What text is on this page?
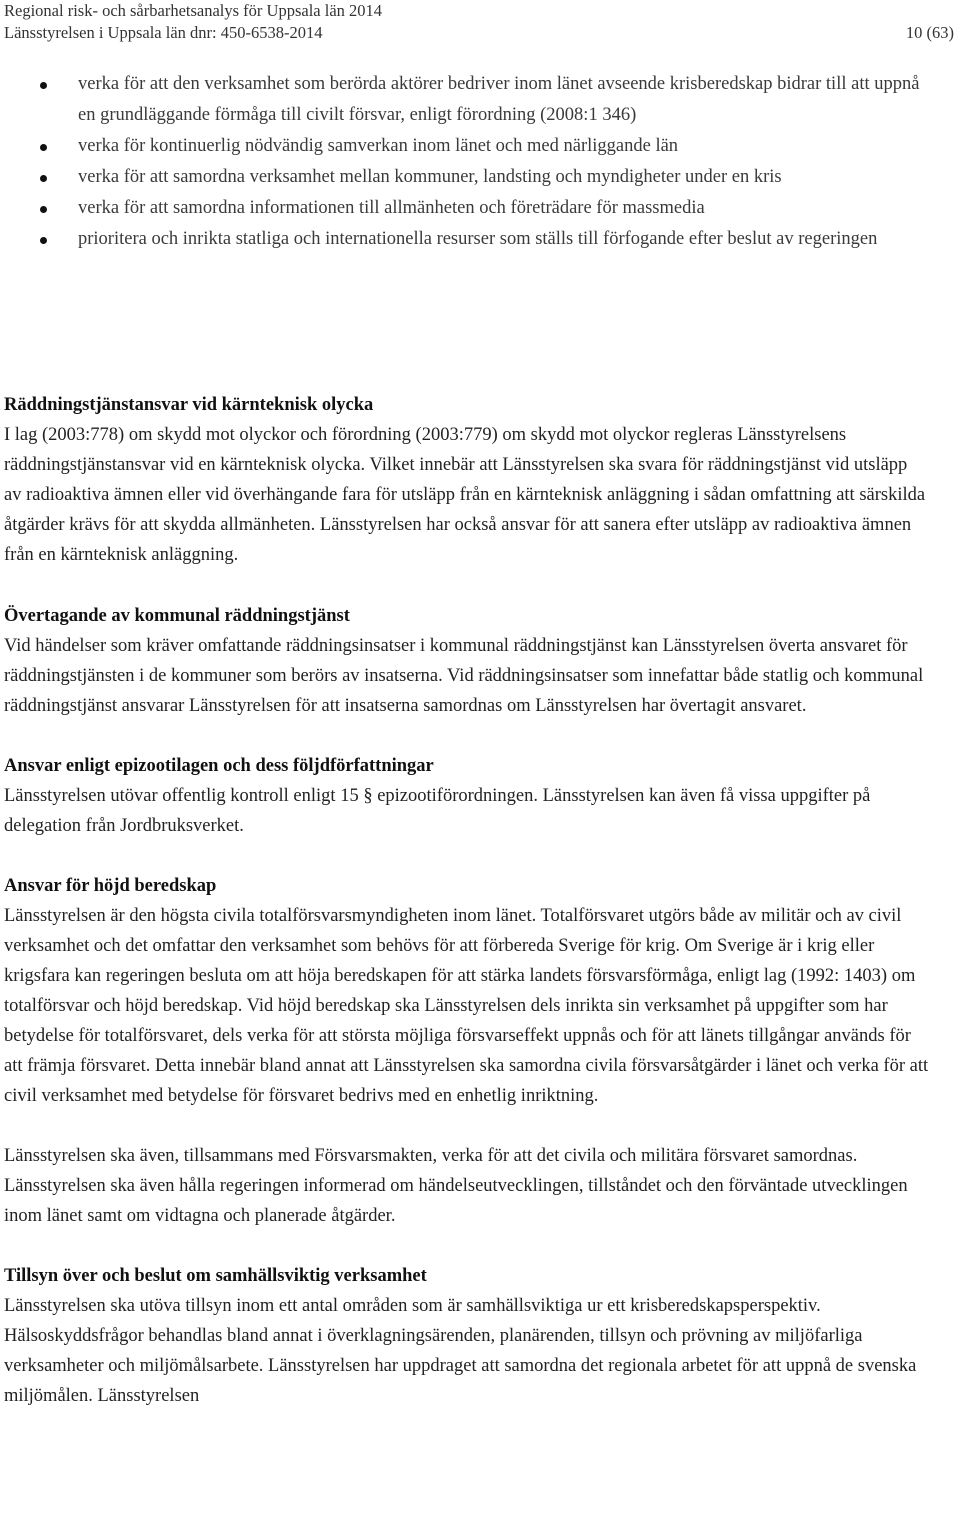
Regional risk- och sårbarhetsanalys för Uppsala län 2014
Länsstyrelsen i Uppsala län dnr: 450-6538-2014	10 (63)
verka för att den verksamhet som berörda aktörer bedriver inom länet avseende krisberedskap bidrar till att uppnå en grundläggande förmåga till civilt försvar, enligt förordning (2008:1 346)
verka för kontinuerlig nödvändig samverkan inom länet och med närliggande län
verka för att samordna verksamhet mellan kommuner, landsting och myndigheter under en kris
verka för att samordna informationen till allmänheten och företrädare för massmedia
prioritera och inrikta statliga och internationella resurser som ställs till förfogande efter beslut av regeringen
Räddningstjänstansvar vid kärnteknisk olycka

I lag (2003:778) om skydd mot olyckor och förordning (2003:779) om skydd mot olyckor regleras Länsstyrelsens räddningstjänstansvar vid en kärnteknisk olycka. Vilket innebär att Länsstyrelsen ska svara för räddningstjänst vid utsläpp av radioaktiva ämnen eller vid överhängande fara för utsläpp från en kärnteknisk anläggning i sådan omfattning att särskilda åtgärder krävs för att skydda allmänheten. Länsstyrelsen har också ansvar för att sanera efter utsläpp av radioaktiva ämnen från en kärnteknisk anläggning.

Övertagande av kommunal räddningstjänst

Vid händelser som kräver omfattande räddningsinsatser i kommunal räddningstjänst kan Länsstyrelsen överta ansvaret för räddningstjänsten i de kommuner som berörs av insatserna. Vid räddningsinsatser som innefattar både statlig och kommunal räddningstjänst ansvarar Länsstyrelsen för att insatserna samordnas om Länsstyrelsen har övertagit ansvaret.

Ansvar enligt epizootilagen och dess följdförfattningar

Länsstyrelsen utövar offentlig kontroll enligt 15 § epizootiförordningen. Länsstyrelsen kan även få vissa uppgifter på delegation från Jordbruksverket.

Ansvar för höjd beredskap

Länsstyrelsen är den högsta civila totalförsvarsmyndigheten inom länet. Totalförsvaret utgörs både av militär och av civil verksamhet och det omfattar den verksamhet som behövs för att förbereda Sverige för krig. Om Sverige är i krig eller krigsfara kan regeringen besluta om att höja beredskapen för att stärka landets försvarsförmåga, enligt lag (1992: 1403) om totalförsvar och höjd beredskap. Vid höjd beredskap ska Länsstyrelsen dels inrikta sin verksamhet på uppgifter som har betydelse för totalförsvaret, dels verka för att största möjliga försvarseffekt uppnås och för att länets tillgångar används för att främja försvaret. Detta innebär bland annat att Länsstyrelsen ska samordna civila försvarsåtgärder i länet och verka för att civil verksamhet med betydelse för försvaret bedrivs med en enhetlig inriktning.

Länsstyrelsen ska även, tillsammans med Försvarsmakten, verka för att det civila och militära försvaret samordnas. Länsstyrelsen ska även hålla regeringen informerad om händelseutvecklingen, tillståndet och den förväntade utvecklingen inom länet samt om vidtagna och planerade åtgärder.

Tillsyn över och beslut om samhällsviktig verksamhet

Länsstyrelsen ska utöva tillsyn inom ett antal områden som är samhällsviktiga ur ett krisberedskapsperspektiv. Hälsoskyddsfrågor behandlas bland annat i överklagningsärenden, planärenden, tillsyn och prövning av miljöfarliga verksamheter och miljömålsarbete. Länsstyrelsen har uppdraget att samordna det regionala arbetet för att uppnå de svenska miljömålen. Länsstyrelsen
